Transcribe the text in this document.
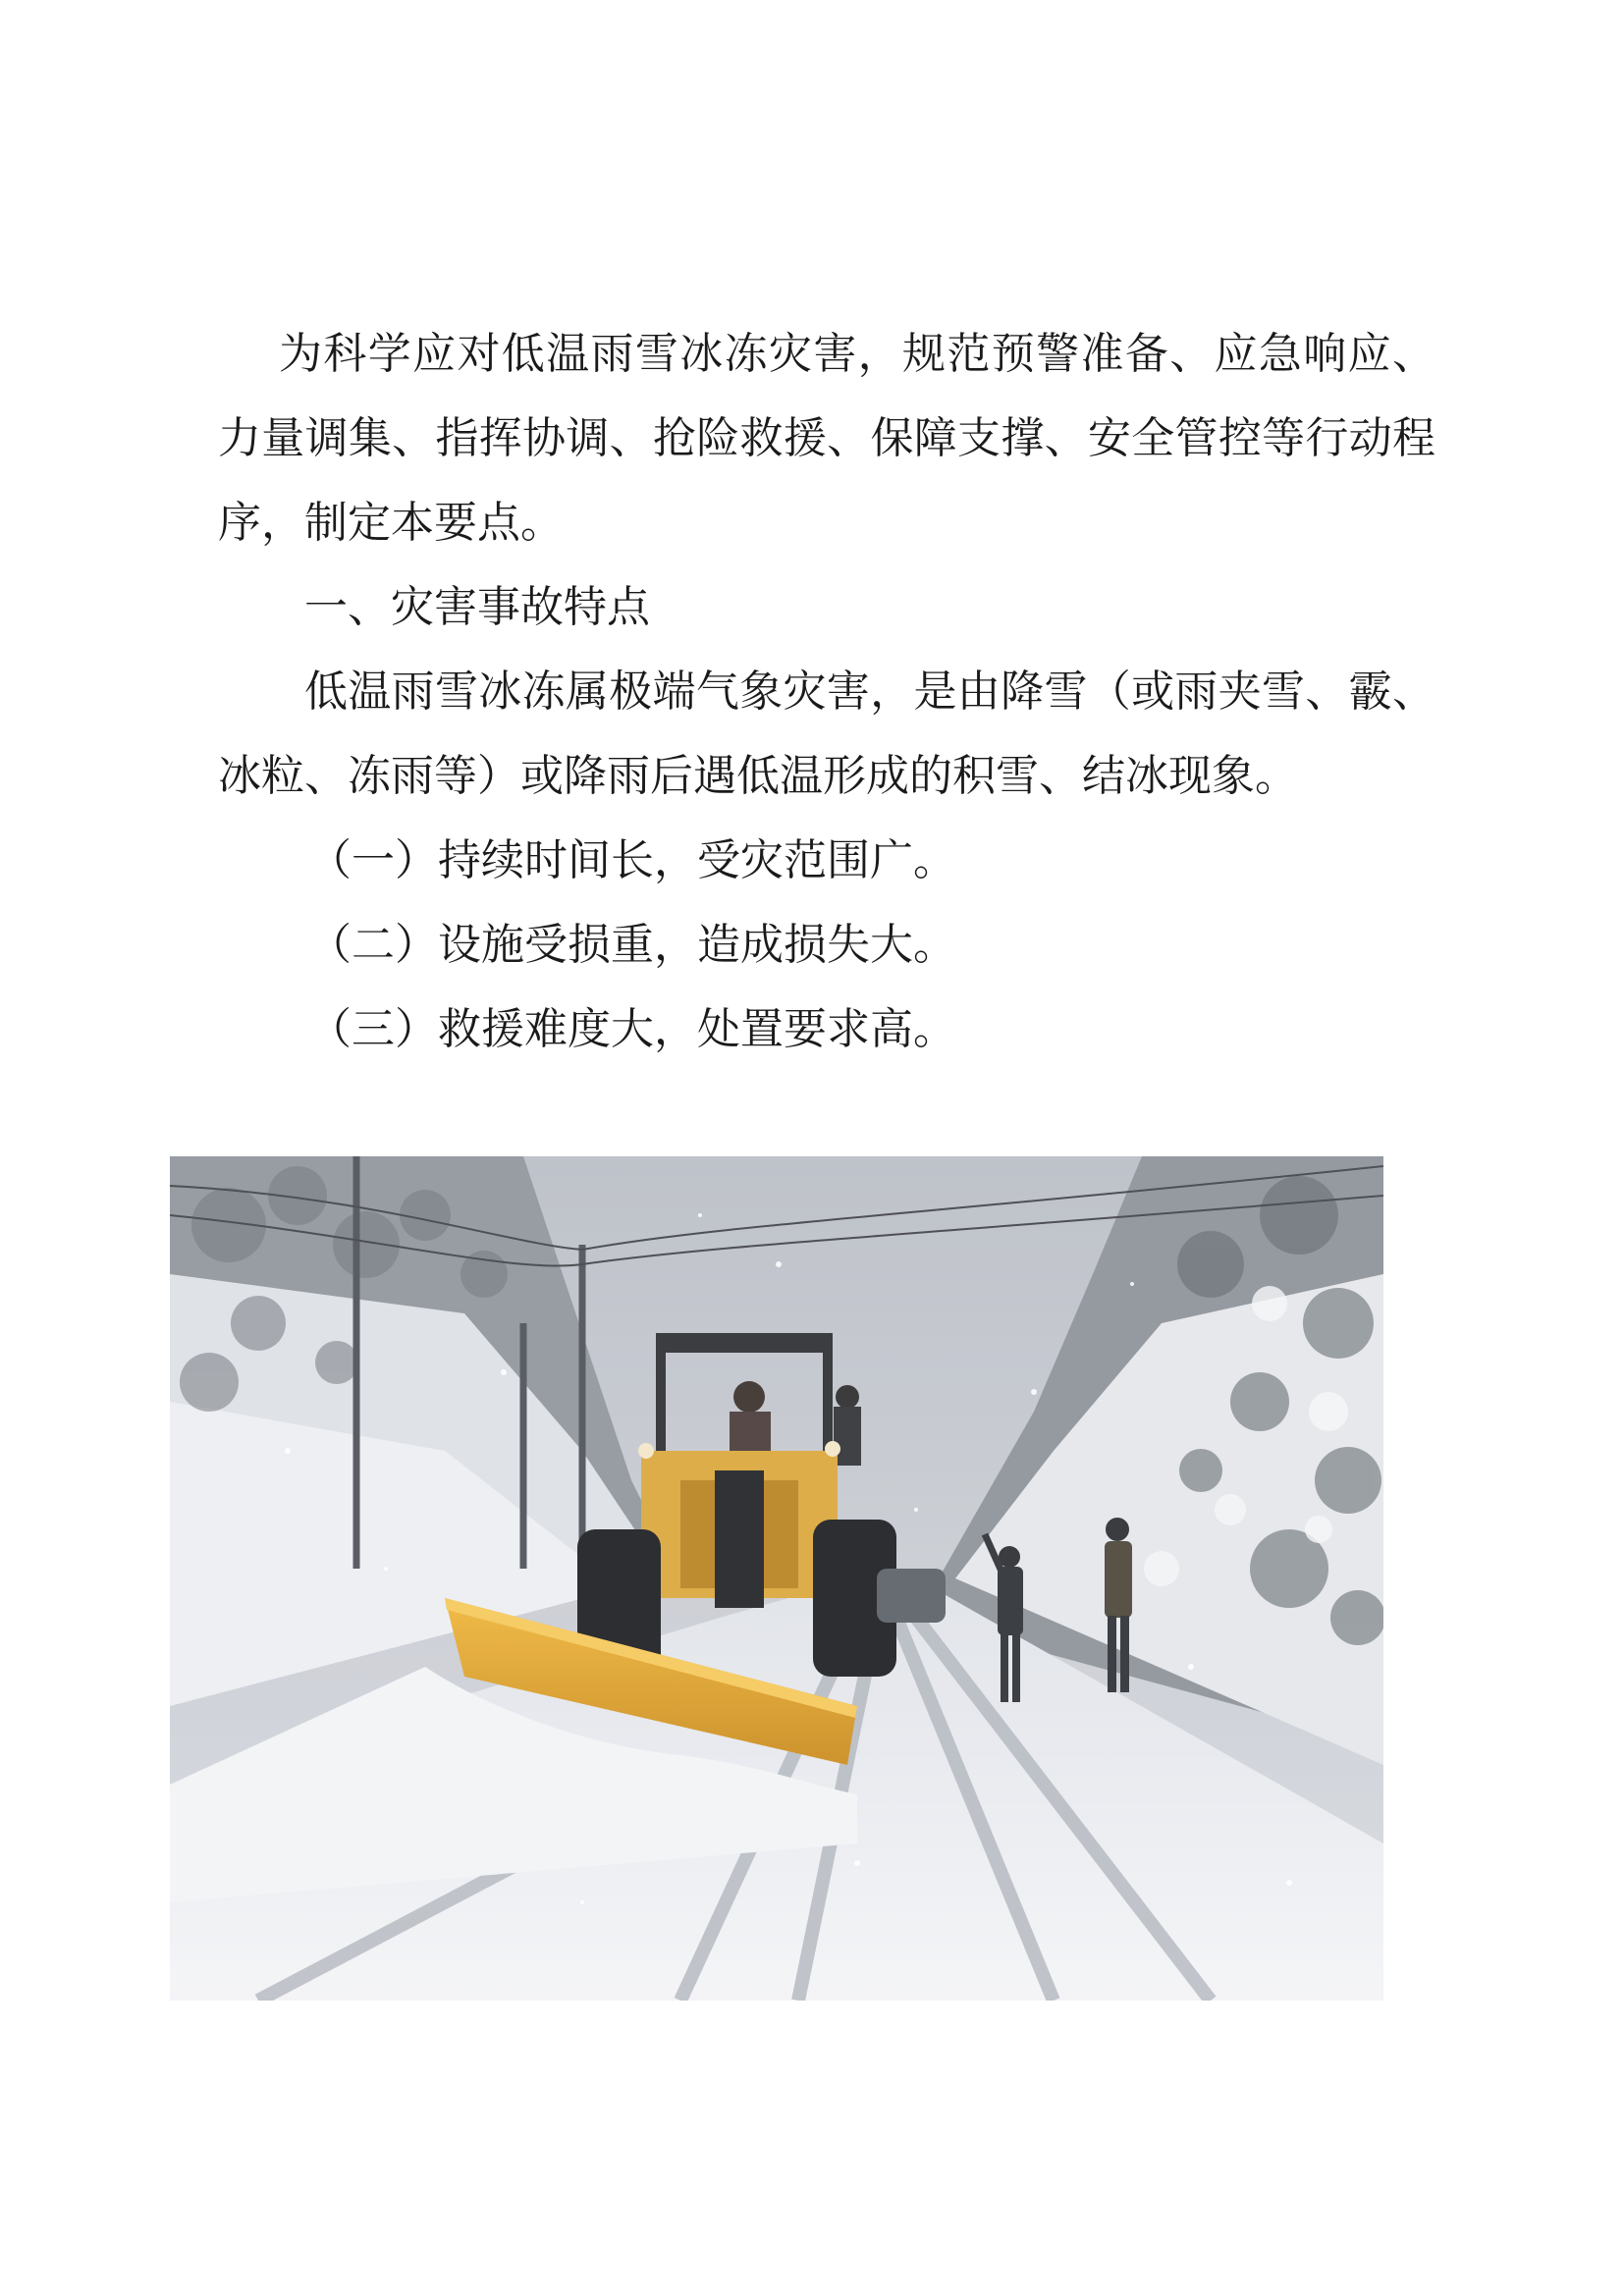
为科学应对低温雨雪冰冻灾害，规范预警准备、应急响应、力量调集、指挥协调、抢险救援、保障支撑、安全管控等行动程序，制定本要点。

一、灾害事故特点

低温雨雪冰冻属极端气象灾害，是由降雪（或雨夹雪、霰、冰粒、冻雨等）或降雨后遇低温形成的积雪、结冰现象。

（一）持续时间长，受灾范围广。

（二）设施受损重，造成损失大。

（三）救援难度大，处置要求高。
